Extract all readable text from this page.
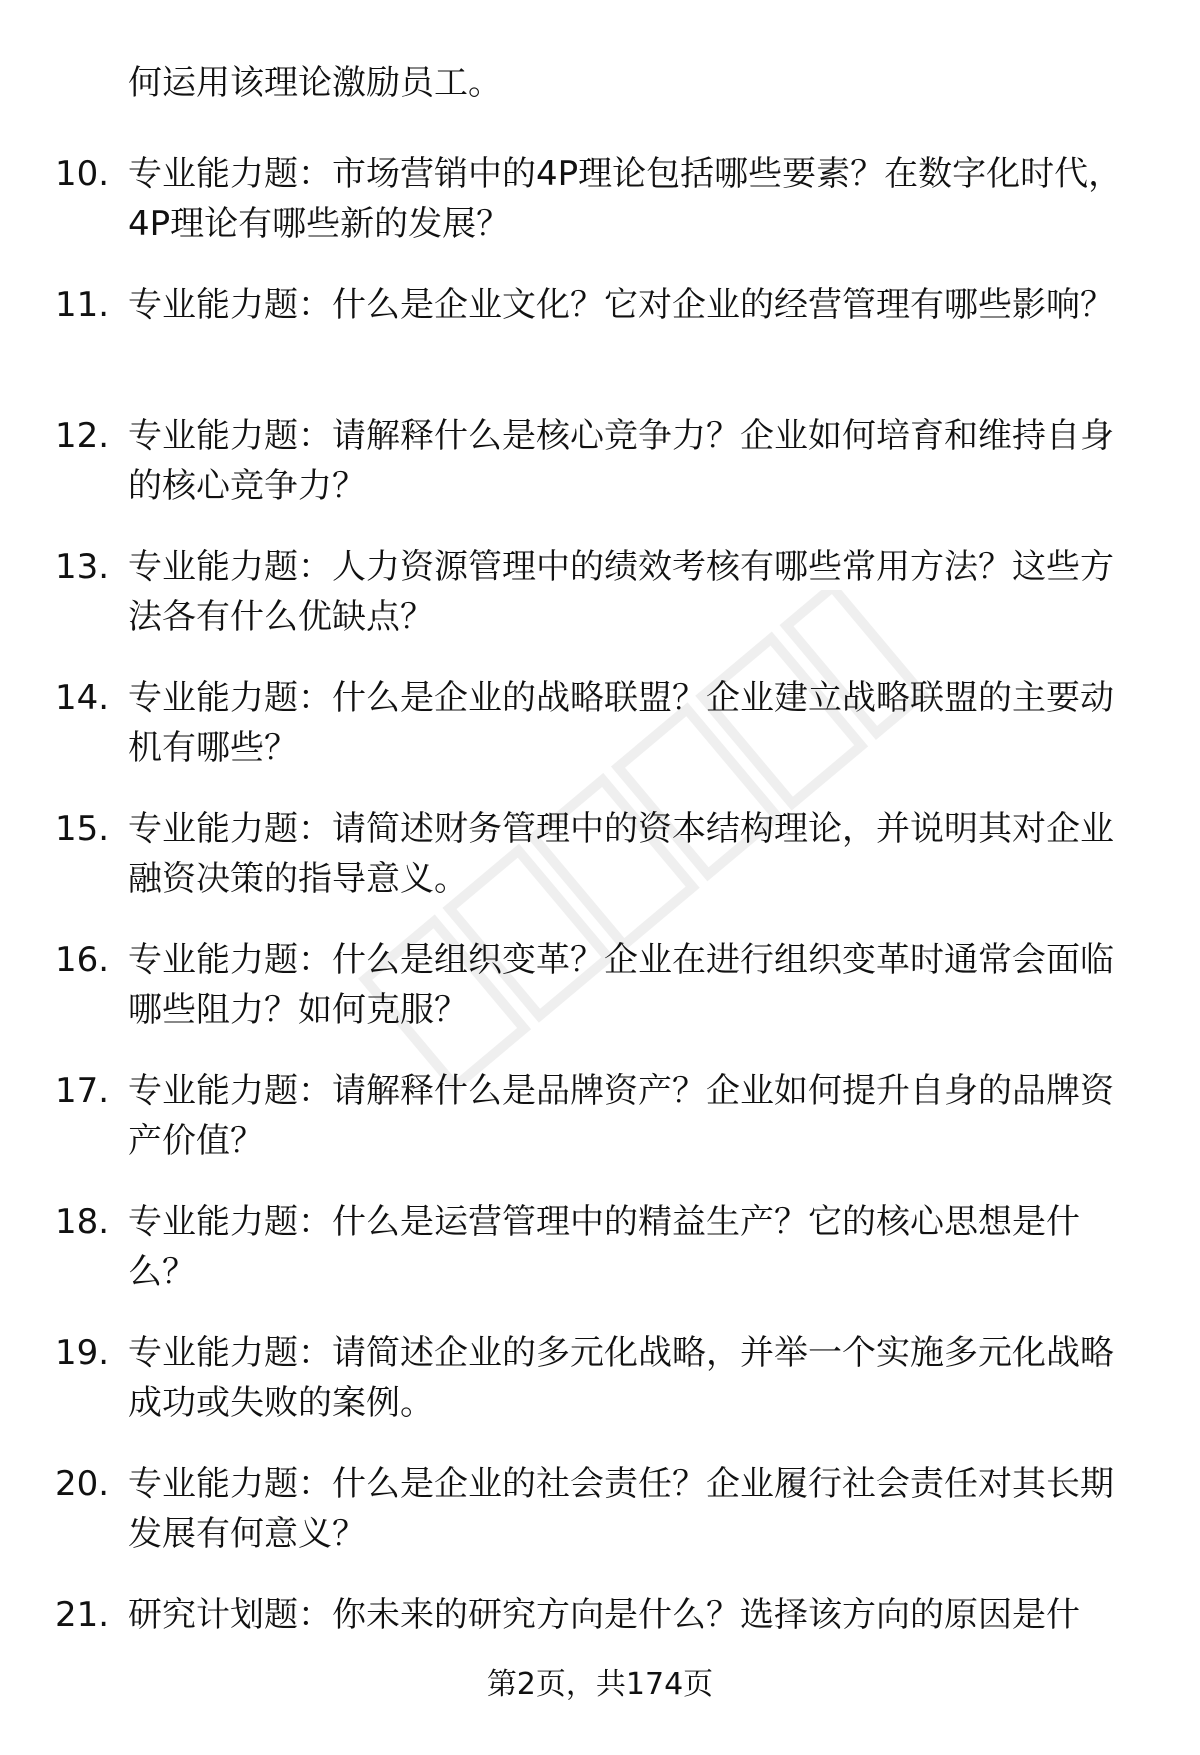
何运用该理论激励员工。

10. 专业能力题：市场营销中的4P理论包括哪些要素？在数字化时代，4P理论有哪些新的发展？

11. 专业能力题：什么是企业文化？它对企业的经营管理有哪些影响？

12. 专业能力题：请解释什么是核心竞争力？企业如何培育和维持自身的核心竞争力？

13. 专业能力题：人力资源管理中的绩效考核有哪些常用方法？这些方法各有什么优缺点？

14. 专业能力题：什么是企业的战略联盟？企业建立战略联盟的主要动机有哪些？

15. 专业能力题：请简述财务管理中的资本结构理论，并说明其对企业融资决策的指导意义。

16. 专业能力题：什么是组织变革？企业在进行组织变革时通常会面临哪些阻力？如何克服？

17. 专业能力题：请解释什么是品牌资产？企业如何提升自身的品牌资产价值？

18. 专业能力题：什么是运营管理中的精益生产？它的核心思想是什么？

19. 专业能力题：请简述企业的多元化战略，并举一个实施多元化战略成功或失败的案例。

20. 专业能力题：什么是企业的社会责任？企业履行社会责任对其长期发展有何意义？

21. 研究计划题：你未来的研究方向是什么？选择该方向的原因是什

第2页，共174页
